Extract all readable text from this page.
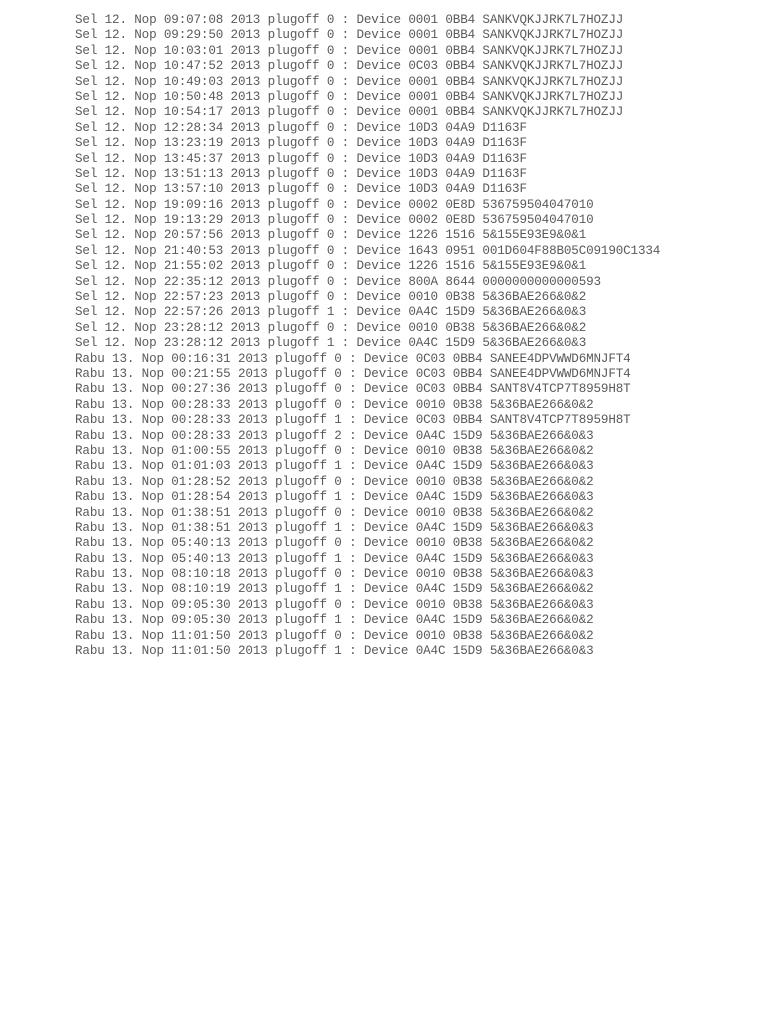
Sel 12. Nop 09:07:08 2013 plugoff 0 : Device 0001 0BB4 SANKVQKJJRK7L7HOZJJ
Sel 12. Nop 09:29:50 2013 plugoff 0 : Device 0001 0BB4 SANKVQKJJRK7L7HOZJJ
Sel 12. Nop 10:03:01 2013 plugoff 0 : Device 0001 0BB4 SANKVQKJJRK7L7HOZJJ
Sel 12. Nop 10:47:52 2013 plugoff 0 : Device 0C03 0BB4 SANKVQKJJRK7L7HOZJJ
Sel 12. Nop 10:49:03 2013 plugoff 0 : Device 0001 0BB4 SANKVQKJJRK7L7HOZJJ
Sel 12. Nop 10:50:48 2013 plugoff 0 : Device 0001 0BB4 SANKVQKJJRK7L7HOZJJ
Sel 12. Nop 10:54:17 2013 plugoff 0 : Device 0001 0BB4 SANKVQKJJRK7L7HOZJJ
Sel 12. Nop 12:28:34 2013 plugoff 0 : Device 10D3 04A9 D1163F
Sel 12. Nop 13:23:19 2013 plugoff 0 : Device 10D3 04A9 D1163F
Sel 12. Nop 13:45:37 2013 plugoff 0 : Device 10D3 04A9 D1163F
Sel 12. Nop 13:51:13 2013 plugoff 0 : Device 10D3 04A9 D1163F
Sel 12. Nop 13:57:10 2013 plugoff 0 : Device 10D3 04A9 D1163F
Sel 12. Nop 19:09:16 2013 plugoff 0 : Device 0002 0E8D 536759504047010
Sel 12. Nop 19:13:29 2013 plugoff 0 : Device 0002 0E8D 536759504047010
Sel 12. Nop 20:57:56 2013 plugoff 0 : Device 1226 1516 5&155E93E9&0&1
Sel 12. Nop 21:40:53 2013 plugoff 0 : Device 1643 0951 001D604F88B05C09190C1334
Sel 12. Nop 21:55:02 2013 plugoff 0 : Device 1226 1516 5&155E93E9&0&1
Sel 12. Nop 22:35:12 2013 plugoff 0 : Device 800A 8644 0000000000000593
Sel 12. Nop 22:57:23 2013 plugoff 0 : Device 0010 0B38 5&36BAE266&0&2
Sel 12. Nop 22:57:26 2013 plugoff 1 : Device 0A4C 15D9 5&36BAE266&0&3
Sel 12. Nop 23:28:12 2013 plugoff 0 : Device 0010 0B38 5&36BAE266&0&2
Sel 12. Nop 23:28:12 2013 plugoff 1 : Device 0A4C 15D9 5&36BAE266&0&3
Rabu 13. Nop 00:16:31 2013 plugoff 0 : Device 0C03 0BB4 SANEE4DPVWWD6MNJFT4
Rabu 13. Nop 00:21:55 2013 plugoff 0 : Device 0C03 0BB4 SANEE4DPVWWD6MNJFT4
Rabu 13. Nop 00:27:36 2013 plugoff 0 : Device 0C03 0BB4 SANT8V4TCP7T8959H8T
Rabu 13. Nop 00:28:33 2013 plugoff 0 : Device 0010 0B38 5&36BAE266&0&2
Rabu 13. Nop 00:28:33 2013 plugoff 1 : Device 0C03 0BB4 SANT8V4TCP7T8959H8T
Rabu 13. Nop 00:28:33 2013 plugoff 2 : Device 0A4C 15D9 5&36BAE266&0&3
Rabu 13. Nop 01:00:55 2013 plugoff 0 : Device 0010 0B38 5&36BAE266&0&2
Rabu 13. Nop 01:01:03 2013 plugoff 1 : Device 0A4C 15D9 5&36BAE266&0&3
Rabu 13. Nop 01:28:52 2013 plugoff 0 : Device 0010 0B38 5&36BAE266&0&2
Rabu 13. Nop 01:28:54 2013 plugoff 1 : Device 0A4C 15D9 5&36BAE266&0&3
Rabu 13. Nop 01:38:51 2013 plugoff 0 : Device 0010 0B38 5&36BAE266&0&2
Rabu 13. Nop 01:38:51 2013 plugoff 1 : Device 0A4C 15D9 5&36BAE266&0&3
Rabu 13. Nop 05:40:13 2013 plugoff 0 : Device 0010 0B38 5&36BAE266&0&2
Rabu 13. Nop 05:40:13 2013 plugoff 1 : Device 0A4C 15D9 5&36BAE266&0&3
Rabu 13. Nop 08:10:18 2013 plugoff 0 : Device 0010 0B38 5&36BAE266&0&3
Rabu 13. Nop 08:10:19 2013 plugoff 1 : Device 0A4C 15D9 5&36BAE266&0&2
Rabu 13. Nop 09:05:30 2013 plugoff 0 : Device 0010 0B38 5&36BAE266&0&3
Rabu 13. Nop 09:05:30 2013 plugoff 1 : Device 0A4C 15D9 5&36BAE266&0&2
Rabu 13. Nop 11:01:50 2013 plugoff 0 : Device 0010 0B38 5&36BAE266&0&2
Rabu 13. Nop 11:01:50 2013 plugoff 1 : Device 0A4C 15D9 5&36BAE266&0&3
